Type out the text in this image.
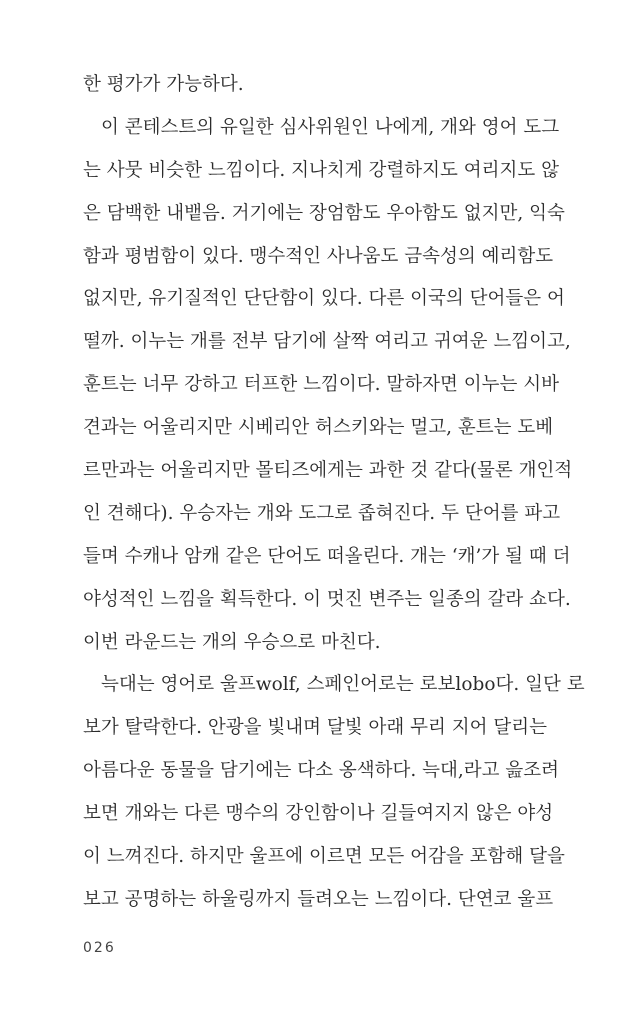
한 평가가 가능하다.
이 콘테스트의 유일한 심사위원인 나에게, 개와 영어 도그
는 사뭇 비슷한 느낌이다. 지나치게 강렬하지도 여리지도 않
은 담백한 내뱉음. 거기에는 장엄함도 우아함도 없지만, 익숙
함과 평범함이 있다. 맹수적인 사나움도 금속성의 예리함도
없지만, 유기질적인 단단함이 있다. 다른 이국의 단어들은 어
떨까. 이누는 개를 전부 담기에 살짝 여리고 귀여운 느낌이고,
훈트는 너무 강하고 터프한 느낌이다. 말하자면 이누는 시바
견과는 어울리지만 시베리안 허스키와는 멀고, 훈트는 도베
르만과는 어울리지만 몰티즈에게는 과한 것 같다(물론 개인적
인 견해다). 우승자는 개와 도그로 좁혀진다. 두 단어를 파고
들며 수캐나 암캐 같은 단어도 떠올린다. 개는 ‘캐’가 될 때 더
야성적인 느낌을 획득한다. 이 멋진 변주는 일종의 갈라 쇼다.
이번 라운드는 개의 우승으로 마친다.
늑대는 영어로 울프wolf, 스페인어로는 로보lobo다. 일단 로
보가 탈락한다. 안광을 빛내며 달빛 아래 무리 지어 달리는
아름다운 동물을 담기에는 다소 옹색하다. 늑대,라고 읊조려
보면 개와는 다른 맹수의 강인함이나 길들여지지 않은 야성
이 느껴진다. 하지만 울프에 이르면 모든 어감을 포함해 달을
보고 공명하는 하울링까지 들려오는 느낌이다. 단연코 울프
026
